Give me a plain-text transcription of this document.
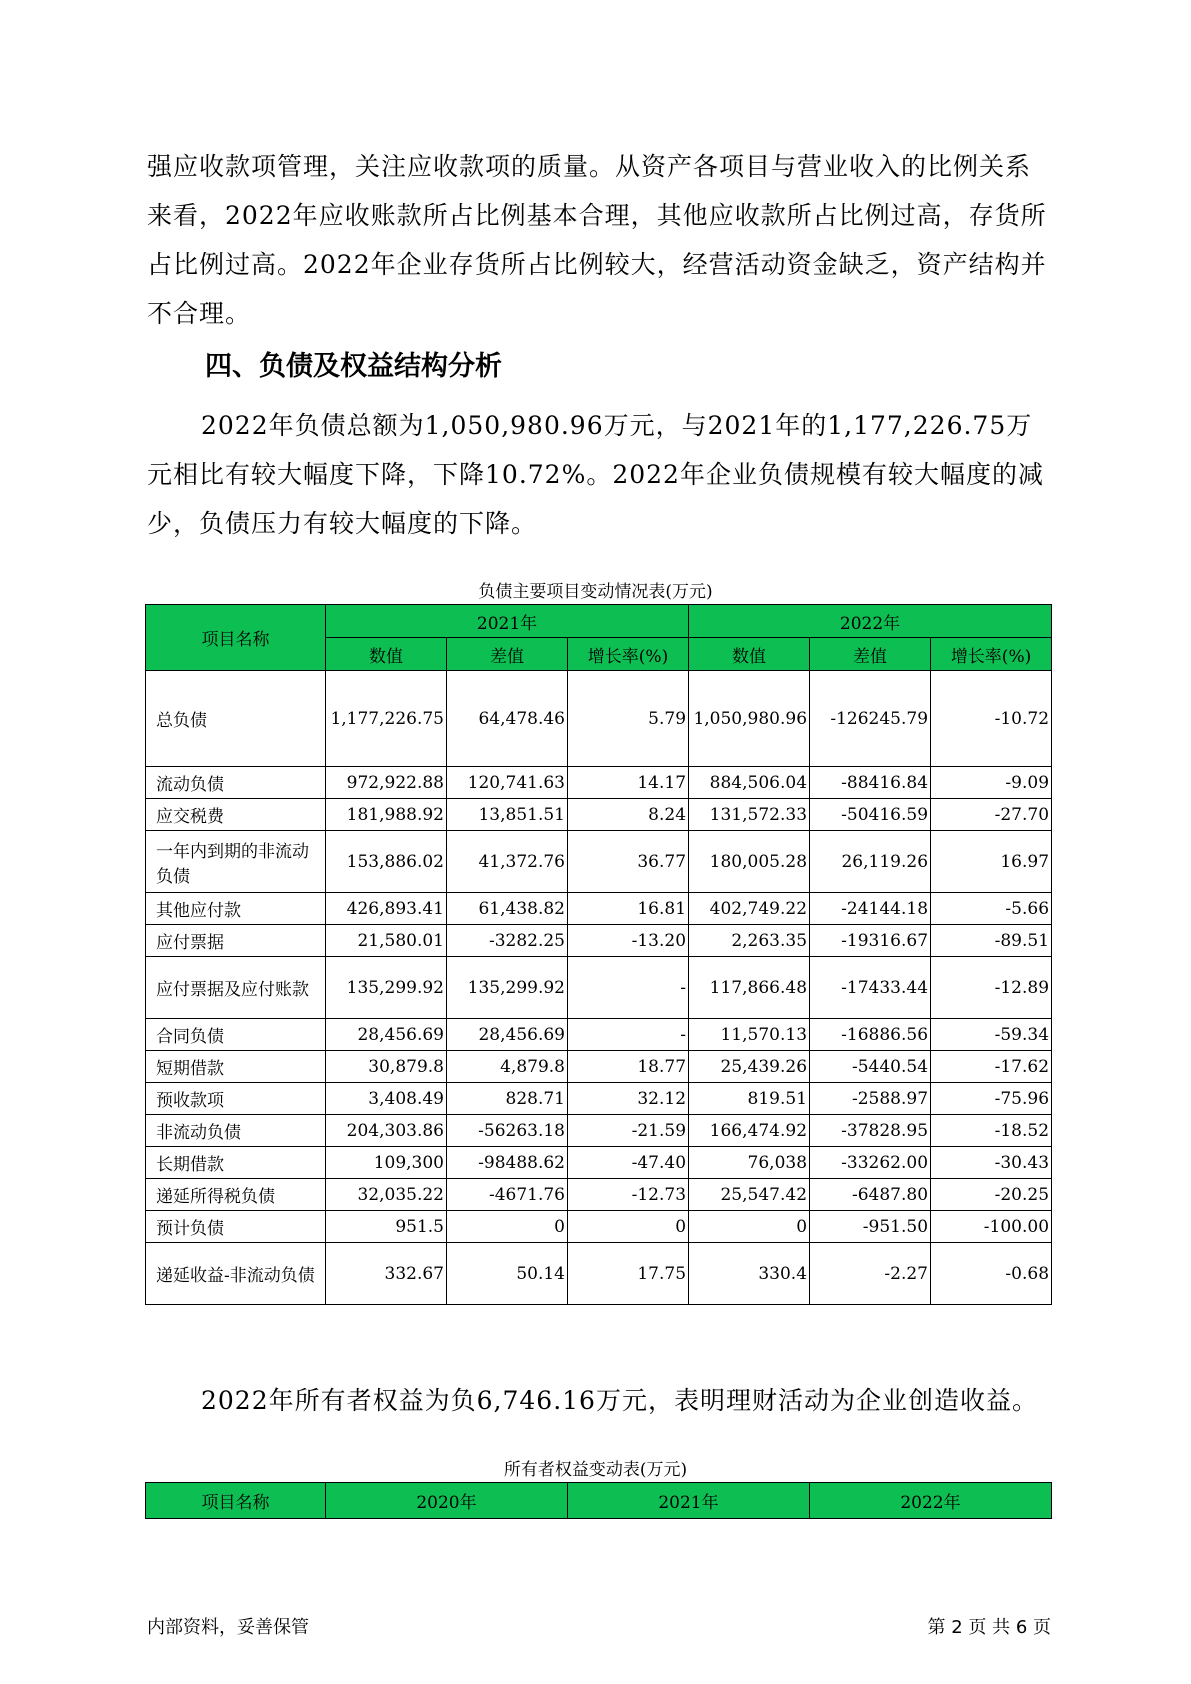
强应收款项管理，关注应收款项的质量。从资产各项目与营业收入的比例关系来看，2022年应收账款所占比例基本合理，其他应收款所占比例过高，存货所占比例过高。2022年企业存货所占比例较大，经营活动资金缺乏，资产结构并不合理。

四、负债及权益结构分析

2022年负债总额为1,050,980.96万元，与2021年的1,177,226.75万元相比有较大幅度下降，下降10.72%。2022年企业负债规模有较大幅度的减少，负债压力有较大幅度的下降。

负债主要项目变动情况表(万元)
项目名称	2021年			2022年		
	数值	差值	增长率(%)	数值	差值	增长率(%)
总负债	1,177,226.75	64,478.46	5.79	1,050,980.96	-126245.79	-10.72
流动负债	972,922.88	120,741.63	14.17	884,506.04	-88416.84	-9.09
应交税费	181,988.92	13,851.51	8.24	131,572.33	-50416.59	-27.70
一年内到期的非流动负债	153,886.02	41,372.76	36.77	180,005.28	26,119.26	16.97
其他应付款	426,893.41	61,438.82	16.81	402,749.22	-24144.18	-5.66
应付票据	21,580.01	-3282.25	-13.20	2,263.35	-19316.67	-89.51
应付票据及应付账款	135,299.92	135,299.92	-	117,866.48	-17433.44	-12.89
合同负债	28,456.69	28,456.69	-	11,570.13	-16886.56	-59.34
短期借款	30,879.8	4,879.8	18.77	25,439.26	-5440.54	-17.62
预收款项	3,408.49	828.71	32.12	819.51	-2588.97	-75.96
非流动负债	204,303.86	-56263.18	-21.59	166,474.92	-37828.95	-18.52
长期借款	109,300	-98488.62	-47.40	76,038	-33262.00	-30.43
递延所得税负债	32,035.22	-4671.76	-12.73	25,547.42	-6487.80	-20.25
预计负债	951.5	0	0	0	-951.50	-100.00
递延收益-非流动负债	332.67	50.14	17.75	330.4	-2.27	-0.68

2022年所有者权益为负6,746.16万元，表明理财活动为企业创造收益。

所有者权益变动表(万元)
项目名称	2020年	2021年	2022年
内部资料，妥善保管	第 2 页 共 6 页
